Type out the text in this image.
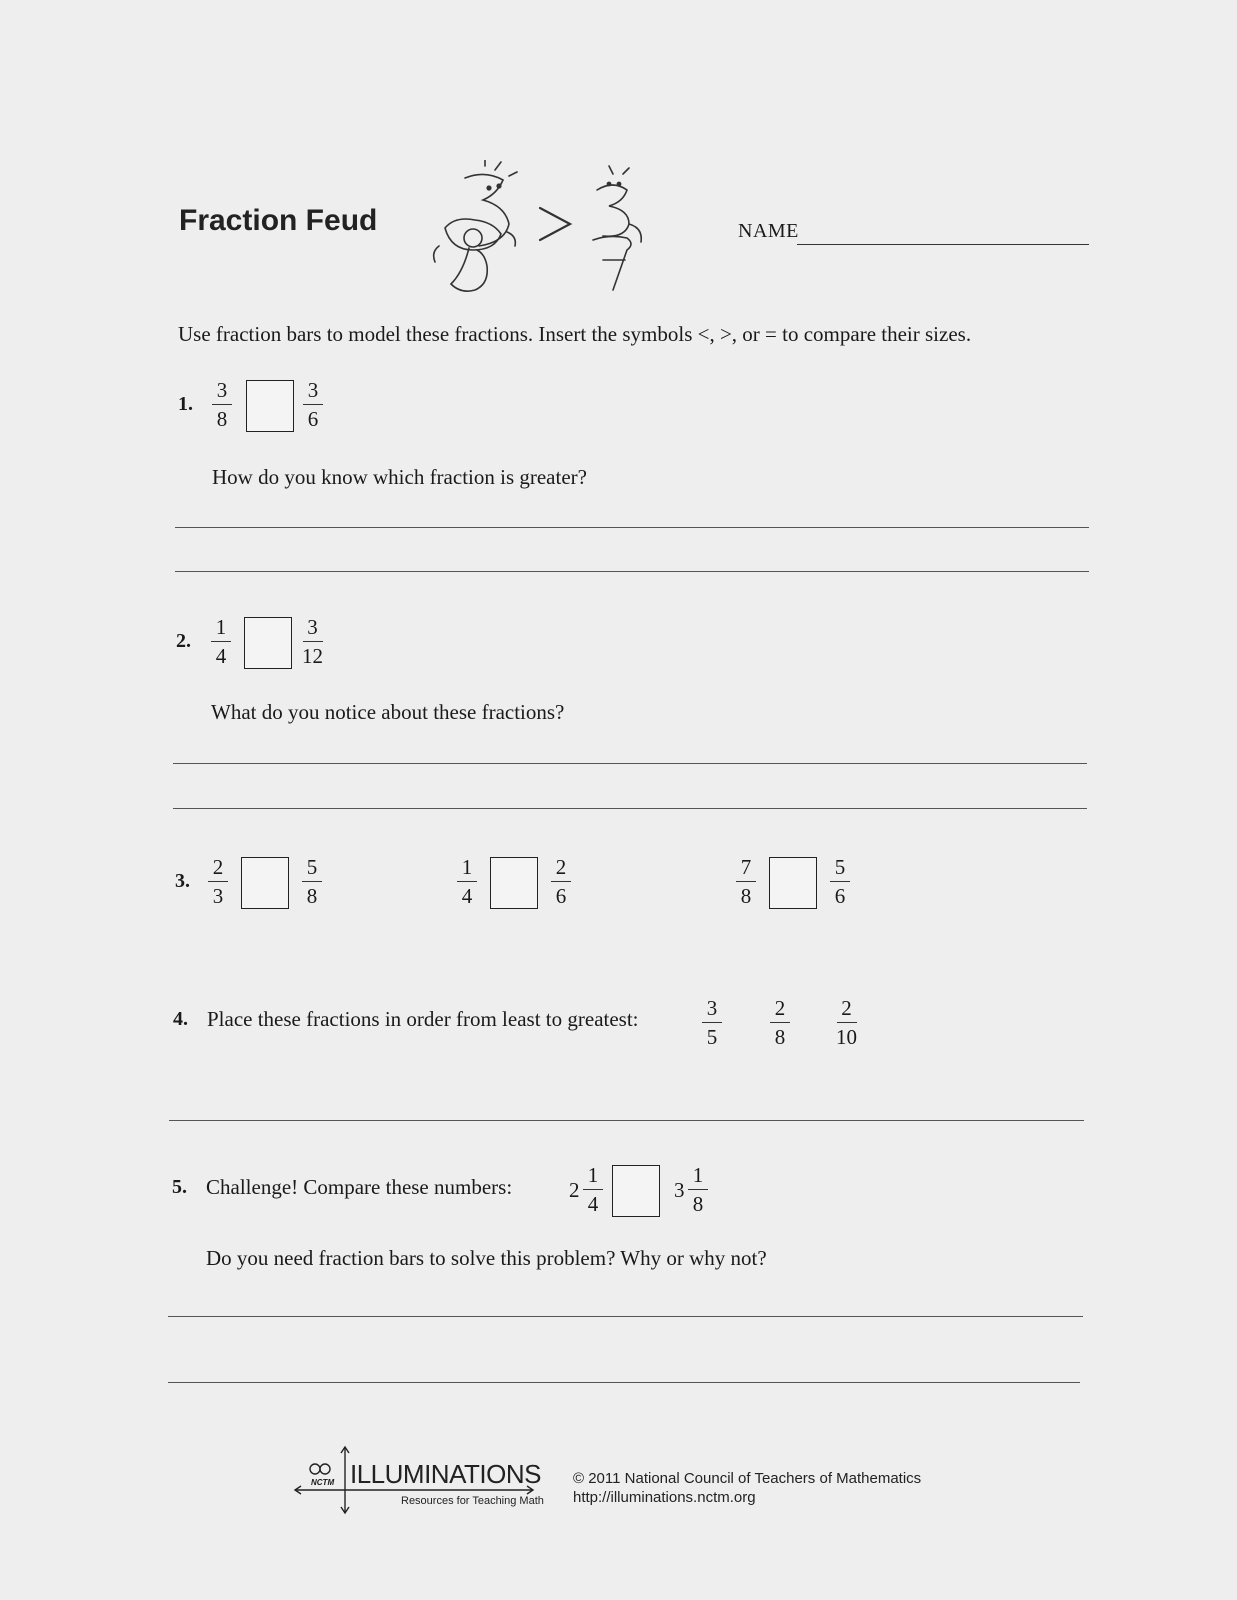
Fraction Feud	NAME
Use fraction bars to model these fractions. Insert the symbols <, >, or = to compare their sizes.
1. $\frac{3}{8}$	$\frac{3}{6}$
How do you know which fraction is greater?
2. $\frac{1}{4}$	$\frac{3}{12}$
What do you notice about these fractions?
3. $\frac{2}{3}$	$\frac{5}{8}$	$\frac{1}{4}$	$\frac{2}{6}$	$\frac{7}{8}$	$\frac{5}{6}$
4. Place these fractions in order from least to greatest:	$\frac{3}{5} \frac{2}{8} \frac{2}{10}$
5. Challenge! Compare these numbers:	$2 \frac{1}{4}$	$3 \frac{1}{8}$
Do you need fraction bars to solve this problem? Why or why not?
NCTM ILLUMINATIONS
Resources for Teaching Math
© 2011 National Council of Teachers of Mathematics
http://illuminations.nctm.org
